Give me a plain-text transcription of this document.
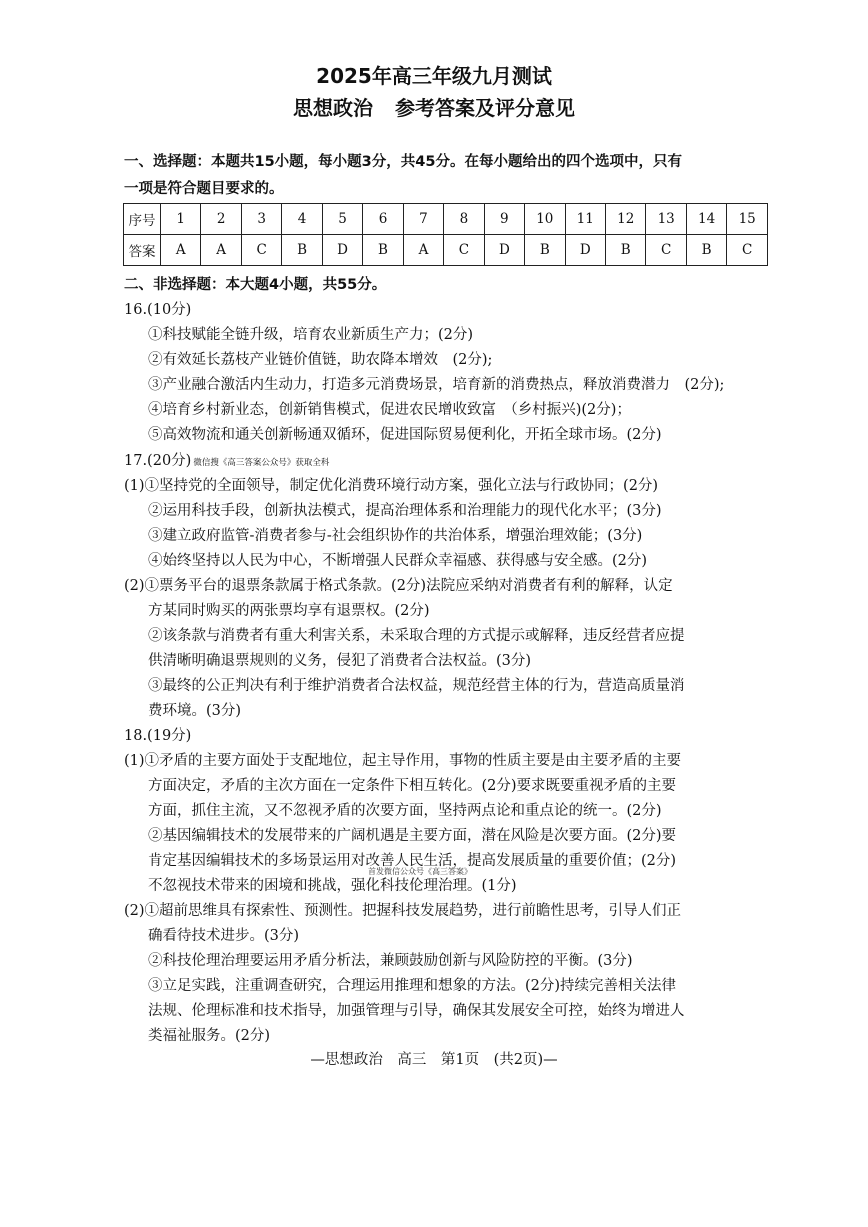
2025年高三年级九月测试
思想政治 参考答案及评分意见
一、选择题：本题共15小题，每小题3分，共45分。在每小题给出的四个选项中，只有
一项是符合题目要求的。
序号	1	2	3	4	5	6	7	8	9	10	11	12	13	14	15
答案	A	A	C	B	D	B	A	C	D	B	D	B	C	B	C
二、非选择题：本大题4小题，共55分。
16.(10分)
①科技赋能全链升级，培育农业新质生产力；(2分)
②有效延长荔枝产业链价值链，助农降本增效　(2分);
③产业融合激活内生动力，打造多元消费场景，培育新的消费热点，释放消费潜力　(2分);
④培育乡村新业态，创新销售模式，促进农民增收致富　（乡村振兴)(2分)；
⑤高效物流和通关创新畅通双循环，促进国际贸易便利化，开拓全球市场。(2分)
17.(20分) 微信搜《高三答案公众号》获取全科
(1)①坚持党的全面领导，制定优化消费环境行动方案，强化立法与行政协同；(2分)
②运用科技手段，创新执法模式，提高治理体系和治理能力的现代化水平；(3分)
③建立政府监管-消费者参与-社会组织协作的共治体系，增强治理效能；(3分)
④始终坚持以人民为中心，不断增强人民群众幸福感、获得感与安全感。(2分)
(2)①票务平台的退票条款属于格式条款。(2分)法院应采纳对消费者有利的解释，认定
方某同时购买的两张票均享有退票权。(2分)
②该条款与消费者有重大利害关系，未采取合理的方式提示或解释，违反经营者应提
供清晰明确退票规则的义务，侵犯了消费者合法权益。(3分)
③最终的公正判决有利于维护消费者合法权益，规范经营主体的行为，营造高质量消
费环境。(3分)
18.(19分)
(1)①矛盾的主要方面处于支配地位，起主导作用，事物的性质主要是由主要矛盾的主要
方面决定，矛盾的主次方面在一定条件下相互转化。(2分)要求既要重视矛盾的主要
方面，抓住主流，又不忽视矛盾的次要方面，坚持两点论和重点论的统一。(2分)
②基因编辑技术的发展带来的广阔机遇是主要方面，潜在风险是次要方面。(2分)要
肯定基因编辑技术的多场景运用对改善人民生活，提高发展质量的重要价值；(2分)
首发微信公众号《高三答案》
不忽视技术带来的困境和挑战，强化科技伦理治理。(1分)
(2)①超前思维具有探索性、预测性。把握科技发展趋势，进行前瞻性思考，引导人们正
确看待技术进步。(3分)
②科技伦理治理要运用矛盾分析法，兼顾鼓励创新与风险防控的平衡。(3分)
③立足实践，注重调查研究，合理运用推理和想象的方法。(2分)持续完善相关法律
法规、伦理标准和技术指导，加强管理与引导，确保其发展安全可控，始终为增进人
类福祉服务。(2分)
—思想政治　高三　第1页　(共2页)—
